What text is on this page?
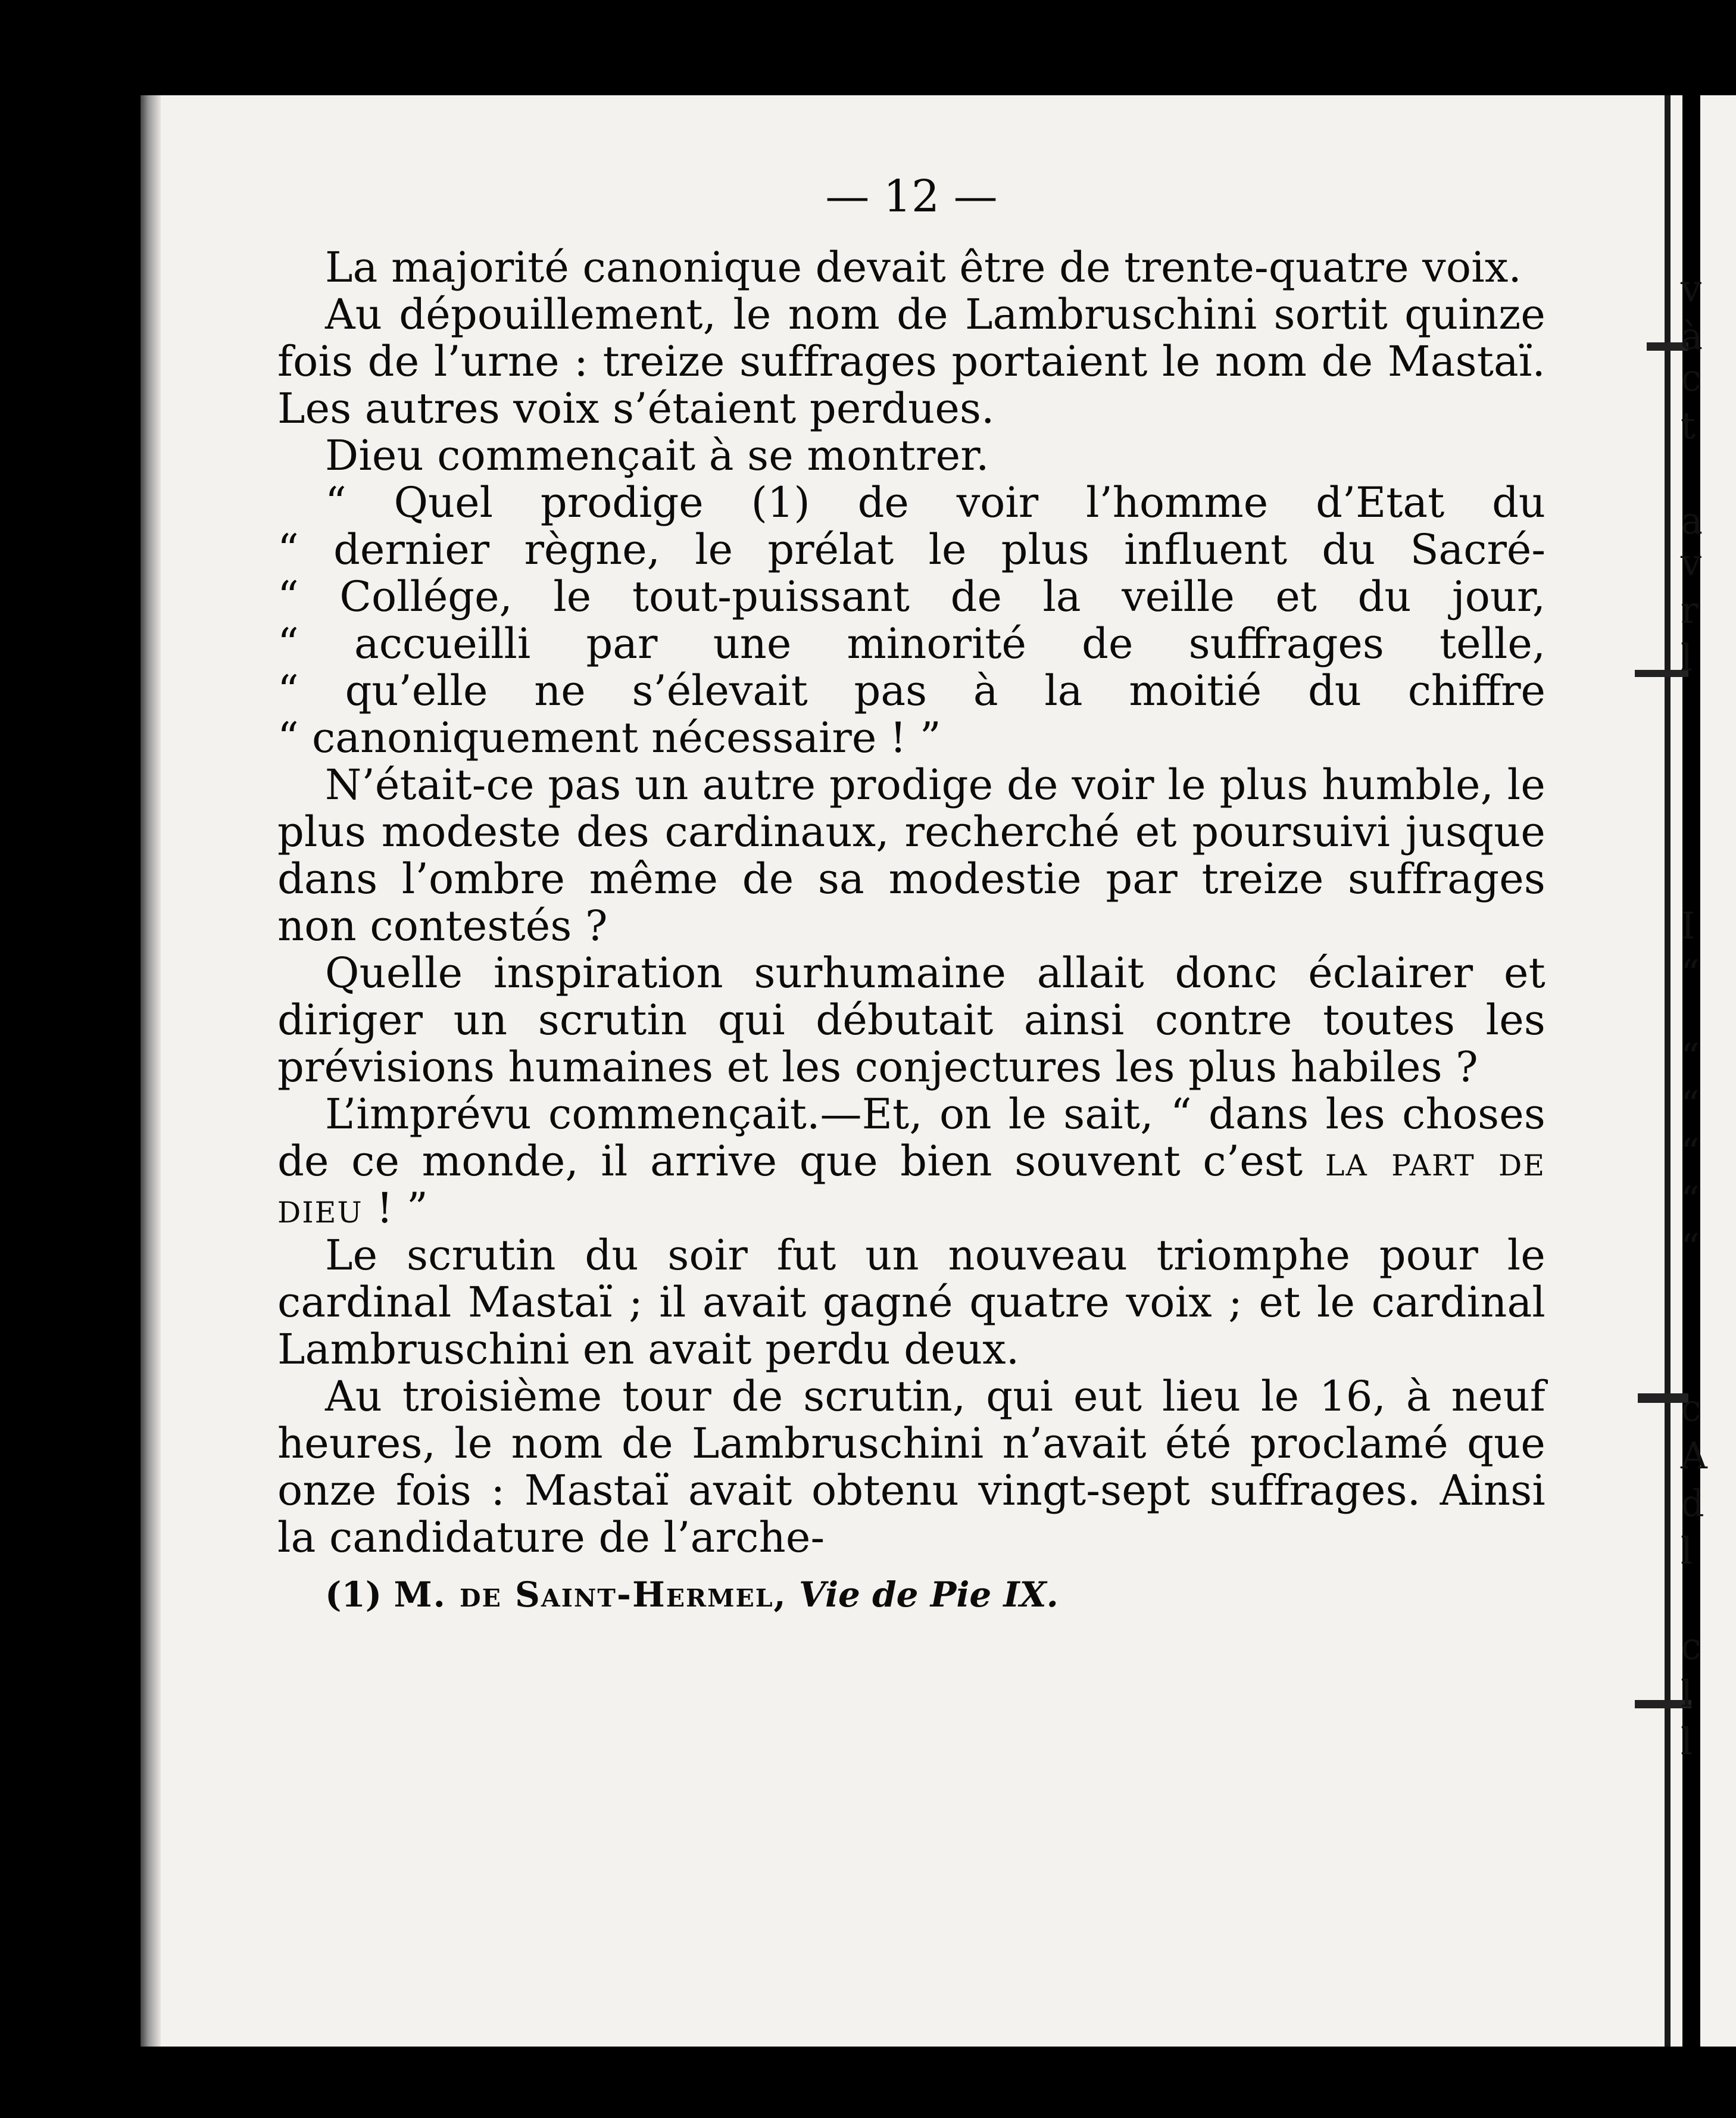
— 12 —

La majorité canonique devait être de trente-quatre voix.

Au dépouillement, le nom de Lambruschini sortit quinze fois de l’urne : treize suffrages portaient le nom de Mastaï. Les autres voix s’étaient perdues.

Dieu commençait à se montrer.

“ Quel prodige (1) de voir l’homme d’Etat du
“ dernier règne, le prélat le plus influent du Sacré-
“ Collége, le tout-puissant de la veille et du jour,
“ accueilli par une minorité de suffrages telle,
“ qu’elle ne s’élevait pas à la moitié du chiffre
“ canoniquement nécessaire ! ”

N’était-ce pas un autre prodige de voir le plus humble, le plus modeste des cardinaux, recherché et poursuivi jusque dans l’ombre même de sa modestie par treize suffrages non contestés ?

Quelle inspiration surhumaine allait donc éclairer et diriger un scrutin qui débutait ainsi contre toutes les prévisions humaines et les conjectures les plus habiles ?

L’imprévu commençait.—Et, on le sait, “ dans les choses de ce monde, il arrive que bien souvent c’est la part de dieu ! ”

Le scrutin du soir fut un nouveau triomphe pour le cardinal Mastaï ; il avait gagné quatre voix ; et le cardinal Lambruschini en avait perdu deux.

Au troisième tour de scrutin, qui eut lieu le 16, à neuf heures, le nom de Lambruschini n’avait été proclamé que onze fois : Mastaï avait obtenu vingt-sept suffrages. Ainsi la candidature de l’arche-

(1) M. de Saint-Hermel, Vie de Pie IX.
v
à
c
t
a
v
r
l
I
“
“
“
“
“
“
c
A
d
l
c
l
l
